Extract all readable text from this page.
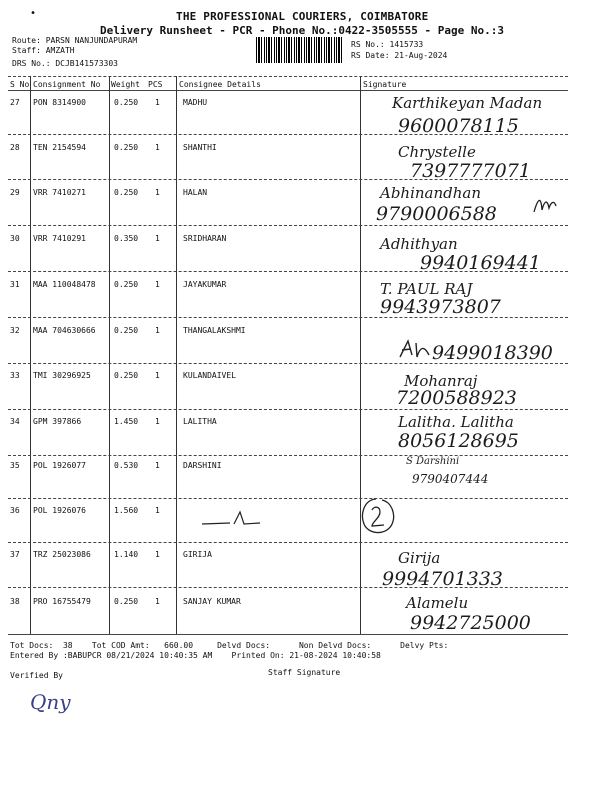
•	THE PROFESSIONAL COURIERS, COIMBATORE
Delivery Runsheet - PCR - Phone No.:0422-3505555 - Page No.:3
Route: PARSN NANJUNDAPURAM
Staff: AMZATH
DRS No.: DCJB141573303
RS No.: 1415733
RS Date: 21-Aug-2024
S No Consignment No Weight PCS Consignee Details	Signature
27 PON 8314900	0.250 1	MADHU	Karthikeyan Madan
9600078115
28 TEN 2154594	0.250 1	SHANTHI	Chrystelle
7397777071
29 VRR 7410271	0.250 1	HALAN	Abhinandhan
9790006588
30 VRR 7410291	0.350 1	SRIDHARAN	Adhithyan
9940169441
31 MAA 110048478 0.250 1	JAYAKUMAR	T. PAUL RAJ
9943973807
32 MAA 704630666 0.250 1	THANGALAKSHMI
9499018390
33 TMI 30296925	0.250 1	KULANDAIVEL	Mohanraj
7200588923
34 GPM 397866	1.450 1	LALITHA	Lalitha. Lalitha
8056128695
35 POL 1926077	0.530 1	DARSHINI	S Darshini
9790407444
36 POL 1926076	1.560 1
37 TRZ 25023086	1.140 1	GIRIJA	Girija
9994701333
38 PRO 16755479	0.250 1	SANJAY KUMAR	Alamelu
9942725000
Tot Docs:  38    Tot COD Amt:   660.00     Delvd Docs:      Non Delvd Docs:      Delvy Pts:
Entered By :BABUPCR 08/21/2024 10:40:35 AM    Printed On: 21-08-2024 10:40:58
Verified By	Staff Signature
Qny
